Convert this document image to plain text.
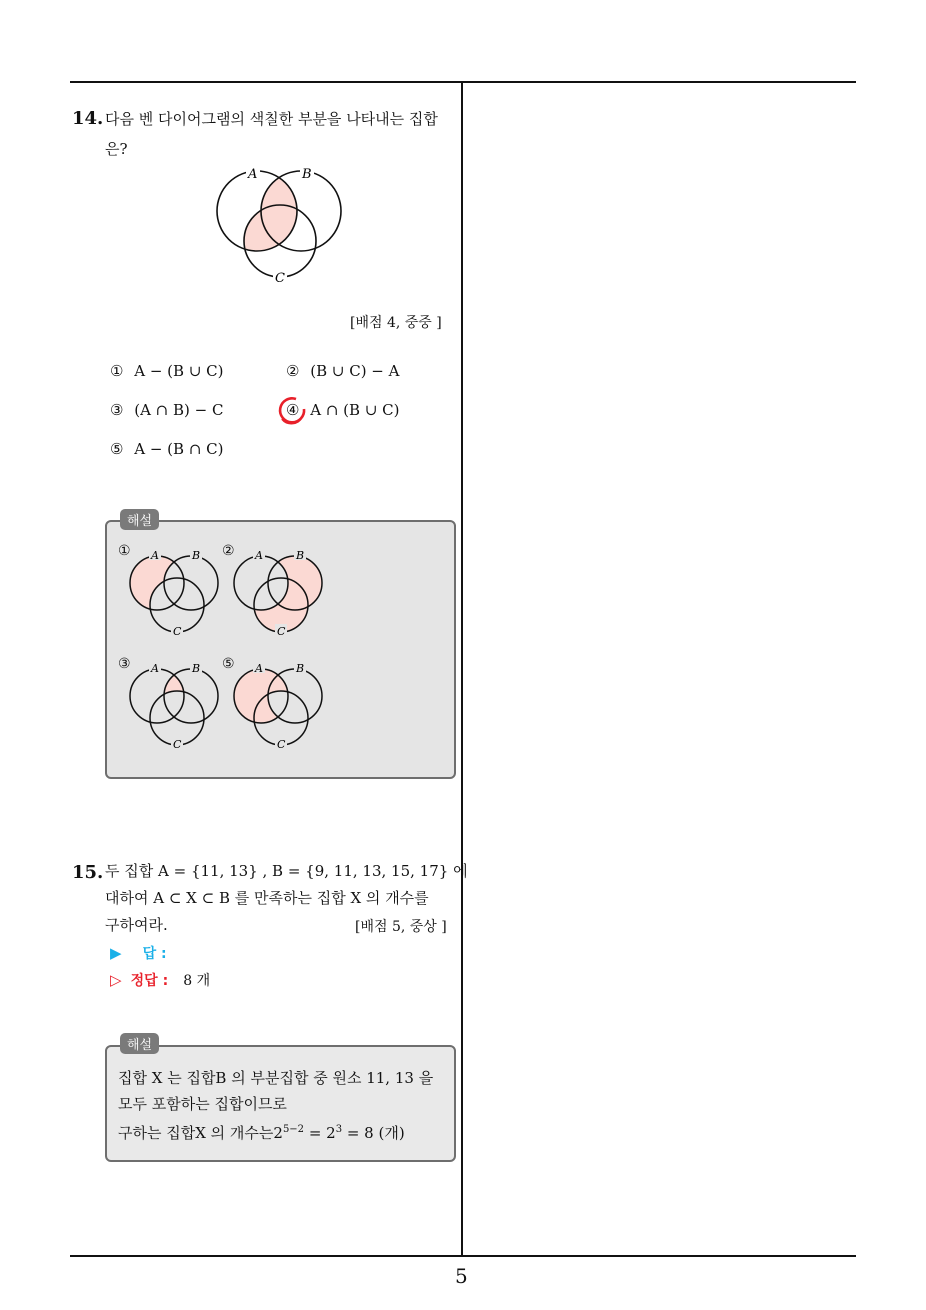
5
14. 다음 벤 다이어그램의 색칠한 부분을 나타내는 집합
은?
A	B
C
[배점 4, 중중 ]
① A − (B ∪ C)	② (B ∪ C) − A
③ (A ∩ B) − C	④ A ∩ (B ∪ C)
⑤ A − (B ∩ C)
해설
① A	B
C
② A	B
C
③ A	B
C
⑤ A	B
C
15. 두 집합 A = {11, 13} , B = {9, 11, 13, 15, 17} 에
대하여 A ⊂ X ⊂ B 를 만족하는 집합 X 의 개수를
구하여라.	[배점 5, 중상 ]
▶ 답 :
▷ 정답 : 8 개
해설
집합 X 는 집합B 의 부분집합 중 원소 11, 13 을
모두 포함하는 집합이므로
구하는 집합X 의 개수는$2^{5-2} = 2^3 = 8$ (개)
